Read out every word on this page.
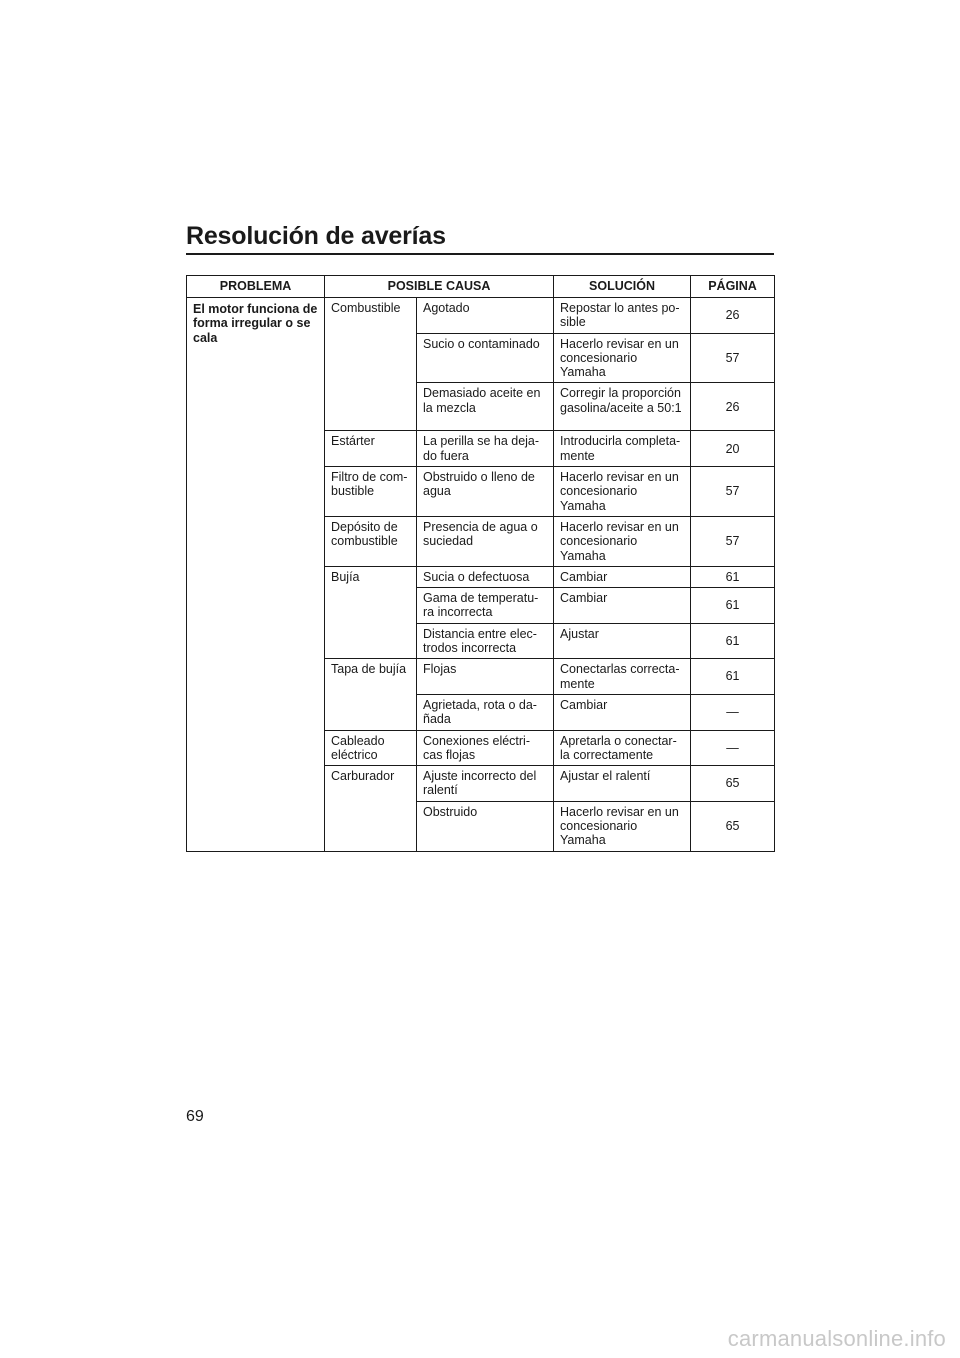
Resolución de averías
PROBLEMA	POSIBLE CAUSA		SOLUCIÓN	PÁGINA
El motor funciona de forma irregular o se cala	Combustible	Agotado	Repostar lo antes po-sible	26
		Sucio o contaminado	Hacerlo revisar en un concesionario Yamaha	57
		Demasiado aceite en la mezcla	Corregir la proporción gasolina/aceite a 50:1	26
	Estárter	La perilla se ha deja-do fuera	Introducirla completa-mente	20
	Filtro de com-bustible	Obstruido o lleno de agua	Hacerlo revisar en un concesionario Yamaha	57
	Depósito de combustible	Presencia de agua o suciedad	Hacerlo revisar en un concesionario Yamaha	57
	Bujía	Sucia o defectuosa	Cambiar	61
		Gama de temperatu-ra incorrecta	Cambiar	61
		Distancia entre elec-trodos incorrecta	Ajustar	61
	Tapa de bujía	Flojas	Conectarlas correcta-mente	61
		Agrietada, rota o da-ñada	Cambiar	—
	Cableado eléctrico	Conexiones eléctri-cas flojas	Apretarla o conectar-la correctamente	—
	Carburador	Ajuste incorrecto del ralentí	Ajustar el ralentí	65
		Obstruido	Hacerlo revisar en un concesionario Yamaha	65
69
carmanualsonline.info
